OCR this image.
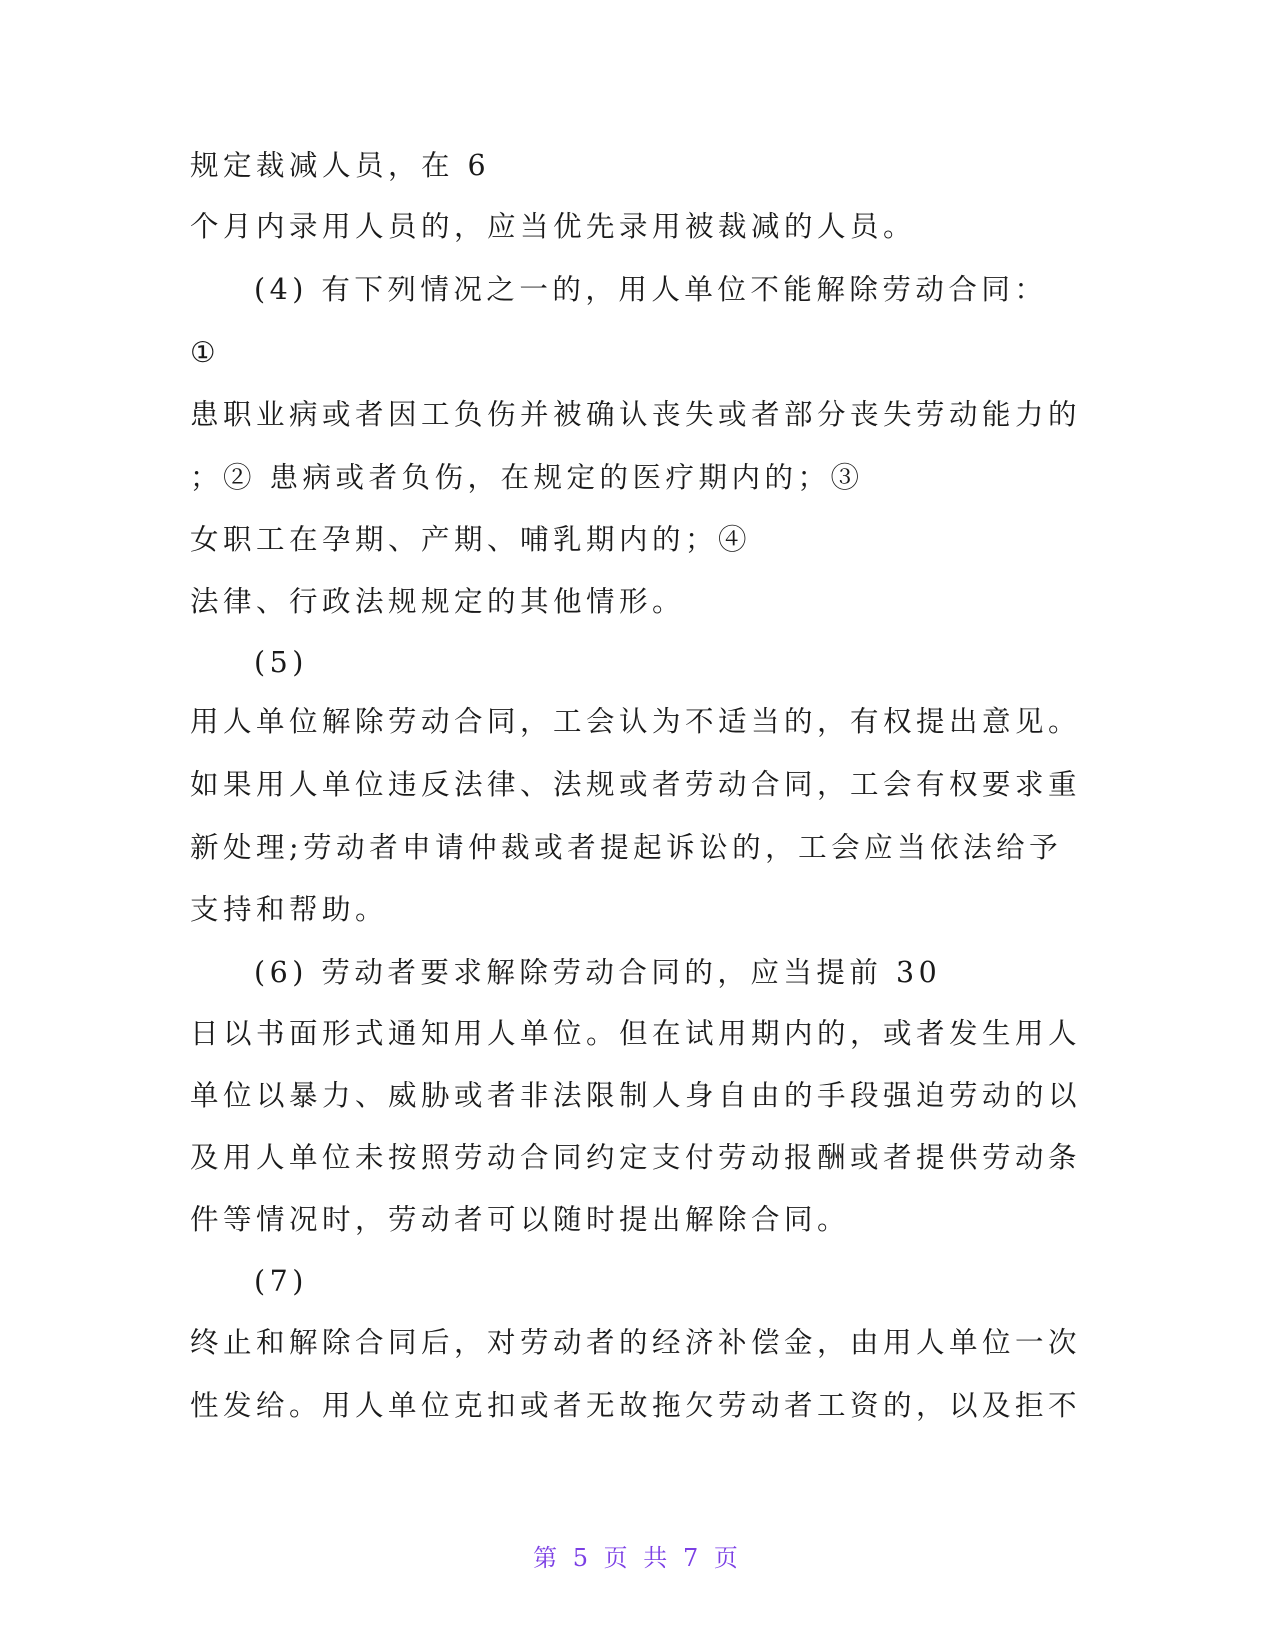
规定裁减人员，在 6
个月内录用人员的，应当优先录用被裁减的人员。
(4) 有下列情况之一的，用人单位不能解除劳动合同：
①
患职业病或者因工负伤并被确认丧失或者部分丧失劳动能力的
；② 患病或者负伤，在规定的医疗期内的；③
女职工在孕期、产期、哺乳期内的；④
法律、行政法规规定的其他情形。
(5)
用人单位解除劳动合同，工会认为不适当的，有权提出意见。
如果用人单位违反法律、法规或者劳动合同，工会有权要求重
新处理;劳动者申请仲裁或者提起诉讼的，工会应当依法给予
支持和帮助。
(6) 劳动者要求解除劳动合同的，应当提前 30
日以书面形式通知用人单位。但在试用期内的，或者发生用人
单位以暴力、威胁或者非法限制人身自由的手段强迫劳动的以
及用人单位未按照劳动合同约定支付劳动报酬或者提供劳动条
件等情况时，劳动者可以随时提出解除合同。
(7)
终止和解除合同后，对劳动者的经济补偿金，由用人单位一次
性发给。用人单位克扣或者无故拖欠劳动者工资的，以及拒不
第 5 页 共 7 页
